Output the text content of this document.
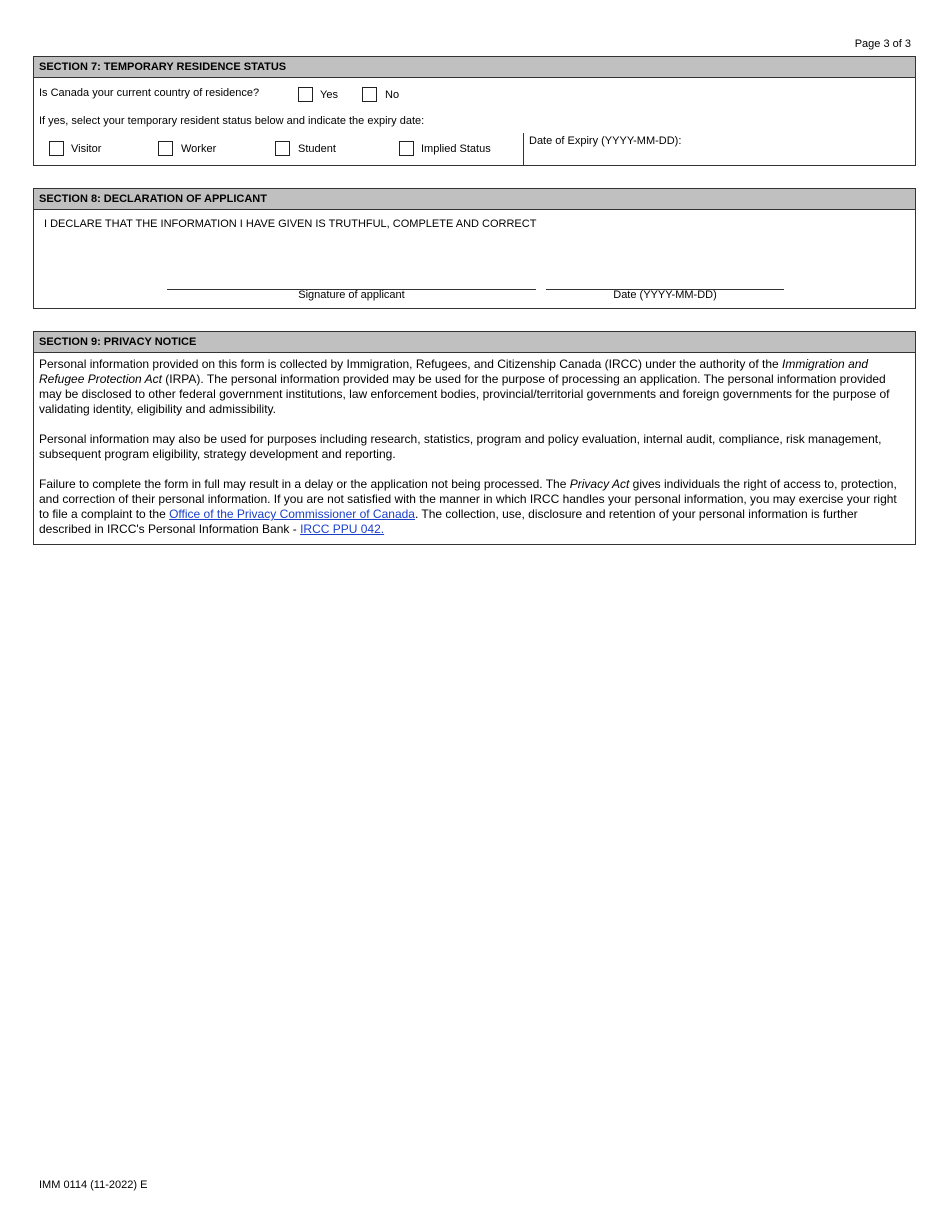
Page 3 of 3
SECTION 7: TEMPORARY RESIDENCE STATUS
Is Canada your current country of residence?	Yes	No
If yes, select your temporary resident status below and indicate the expiry date:
Visitor	Worker	Student	Implied Status
Date of Expiry (YYYY-MM-DD):
SECTION 8: DECLARATION OF APPLICANT
I DECLARE THAT THE INFORMATION I HAVE GIVEN IS TRUTHFUL, COMPLETE AND CORRECT
Signature of applicant	Date (YYYY-MM-DD)
SECTION 9: PRIVACY NOTICE

Personal information provided on this form is collected by Immigration, Refugees, and Citizenship Canada (IRCC) under the authority of the Immigration and Refugee Protection Act (IRPA). The personal information provided may be used for the purpose of processing an application. The personal information provided may be disclosed to other federal government institutions, law enforcement bodies, provincial/territorial governments and foreign governments for the purpose of validating identity, eligibility and admissibility.

Personal information may also be used for purposes including research, statistics, program and policy evaluation, internal audit, compliance, risk management, subsequent program eligibility, strategy development and reporting.

Failure to complete the form in full may result in a delay or the application not being processed. The Privacy Act gives individuals the right of access to, protection, and correction of their personal information. If you are not satisfied with the manner in which IRCC handles your personal information, you may exercise your right to file a complaint to the Office of the Privacy Commissioner of Canada. The collection, use, disclosure and retention of your personal information is further described in IRCC's Personal Information Bank - IRCC PPU 042.

IMM 0114 (11-2022) E
